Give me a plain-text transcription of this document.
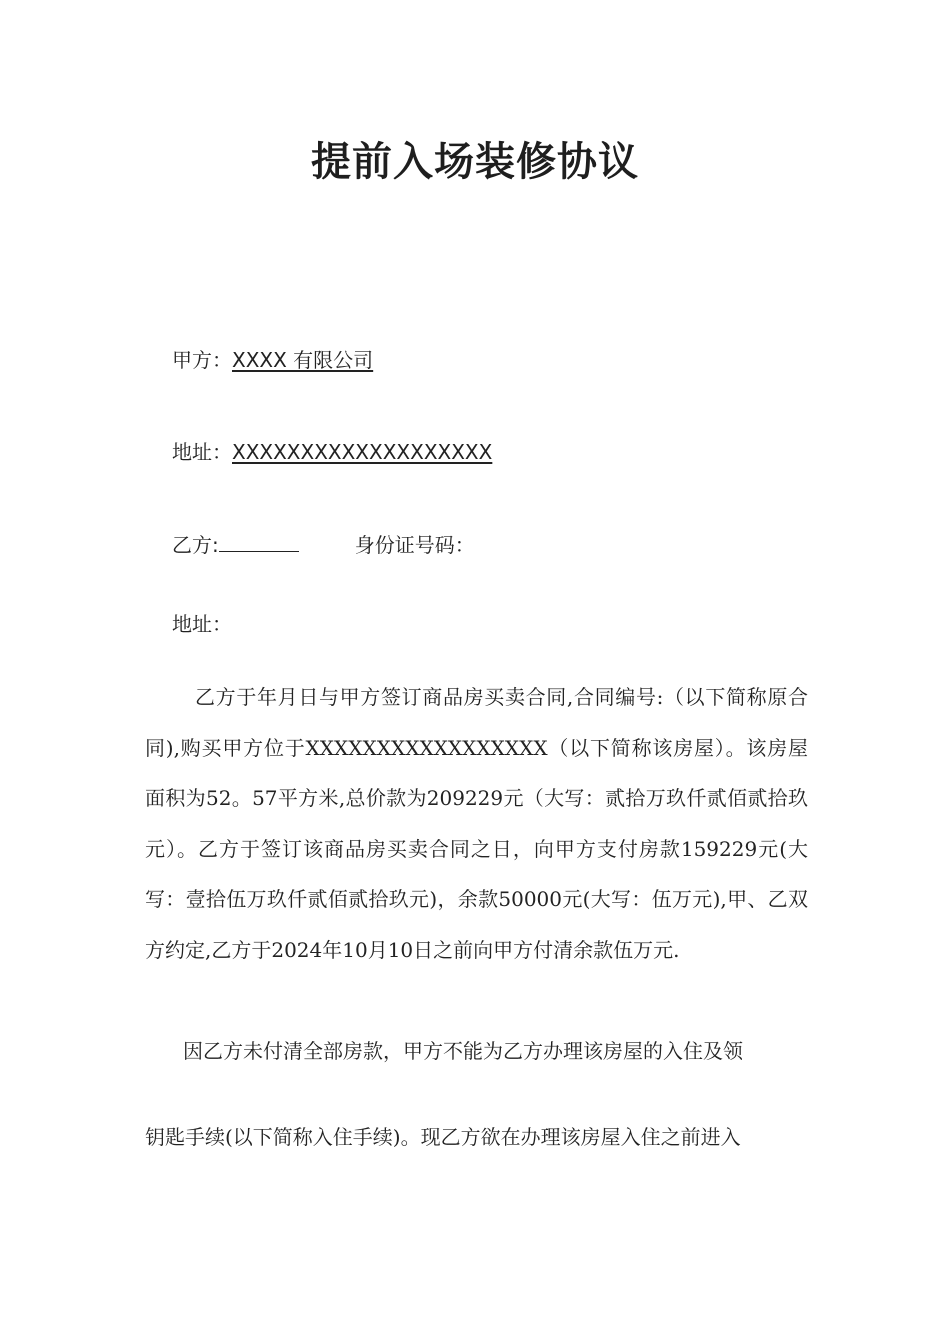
提前入场装修协议
甲方：XXXX 有限公司
地址：XXXXXXXXXXXXXXXXXXX
乙方:	身份证号码：
地址：
乙方于年月日与甲方签订商品房买卖合同,合同编号:（以下简称原合同),购买甲方位于XXXXXXXXXXXXXXXXX（以下简称该房屋）。该房屋面积为52。57平方米,总价款为209229元（大写：贰拾万玖仟贰佰贰拾玖元）。乙方于签订该商品房买卖合同之日，向甲方支付房款159229元(大写：壹拾伍万玖仟贰佰贰拾玖元)，余款50000元(大写：伍万元),甲、乙双方约定,乙方于2024年10月10日之前向甲方付清余款伍万元.
因乙方未付清全部房款，甲方不能为乙方办理该房屋的入住及领
钥匙手续(以下简称入住手续)。现乙方欲在办理该房屋入住之前进入
